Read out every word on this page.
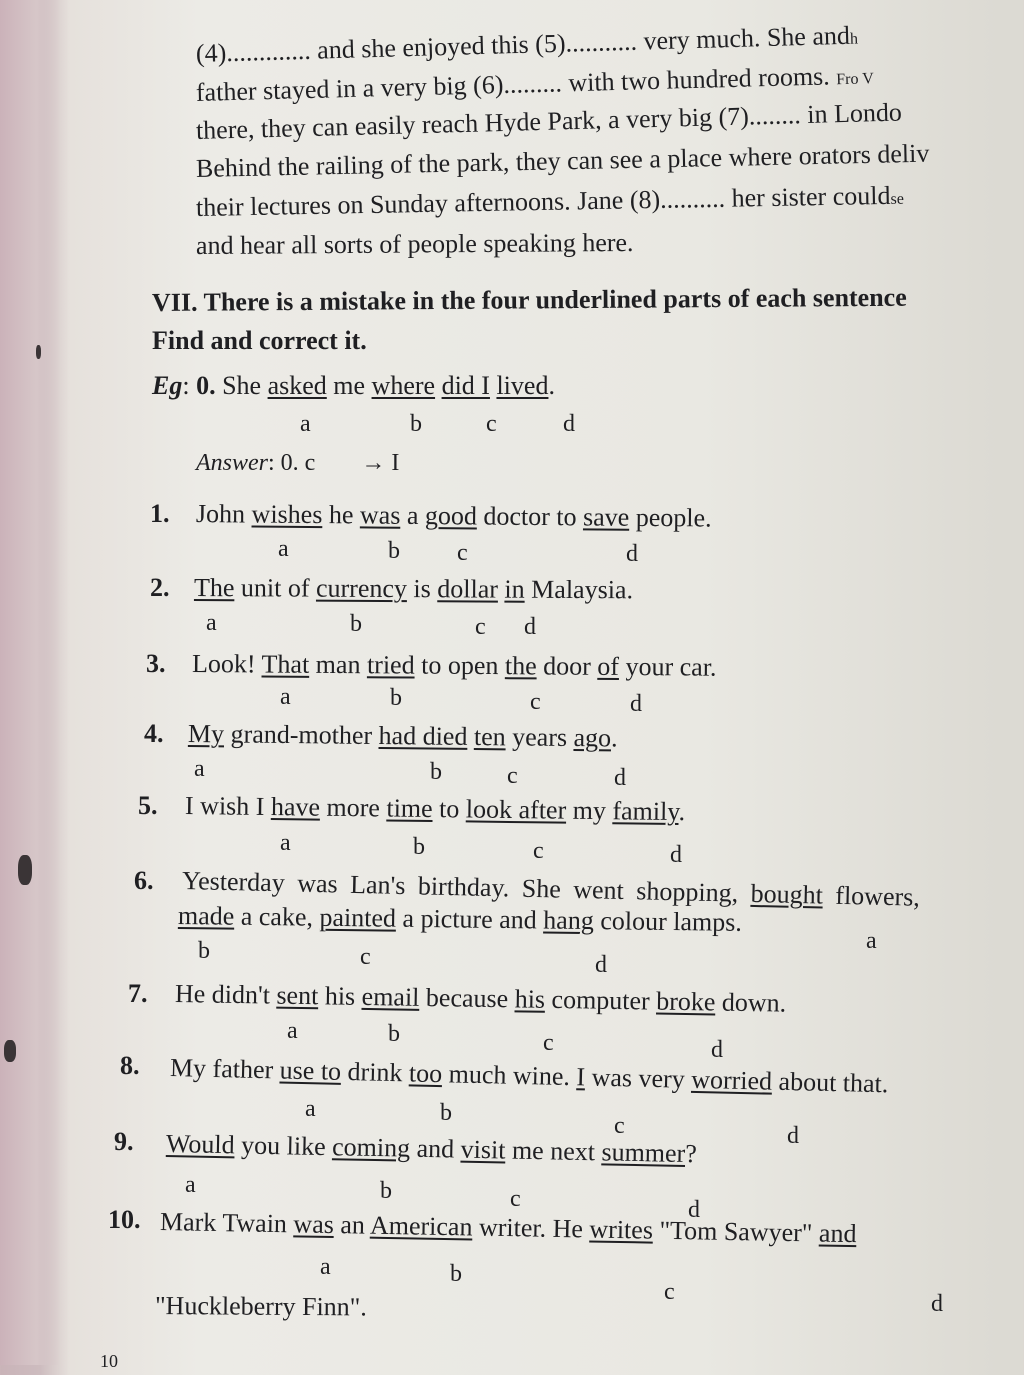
(4)............. and she enjoyed this (5)........... very much. She andh
father stayed in a very big (6)......... with two hundred rooms. Fro V
there, they can easily reach Hyde Park, a very big (7)........ in Londo
Behind the railing of the park, they can see a place where orators deliv
their lectures on Sunday afternoons. Jane (8).......... her sister couldse
and hear all sorts of people speaking here.
VII. There is a mistake in the four underlined parts of each sentence
Find and correct it.
Eg: 0. She asked me where did I lived.
a	b	c	d
Answer: 0. c → I
John wishes he was a good doctor to save people.
1.
The unit of currency is dollar in Malaysia.
2.
Look! That man tried to open the door of your car.
3.
My grand-mother had died ten years ago.
4.
I wish I have more time to look after my family.
5.
Yesterday was Lan's birthday. She went shopping, bought flowers,
6.
made a cake, painted a picture and hang colour lamps.
He didn't sent his email because his computer broke down.
7.
My father use to drink too much wine. I was very worried about that.
8.
Would you like coming and visit me next summer?
9.
Mark Twain was an American writer. He writes "Tom Sawyer" and
10.
"Huckleberry Finn".
a	b c	d
a	b	c d
a	b	c	d
a	b	c	d
a	b	c	d
a
b	c	d
a	b	c	d
a	b	c	d
a	b	c	d
a	b
c	d
10
